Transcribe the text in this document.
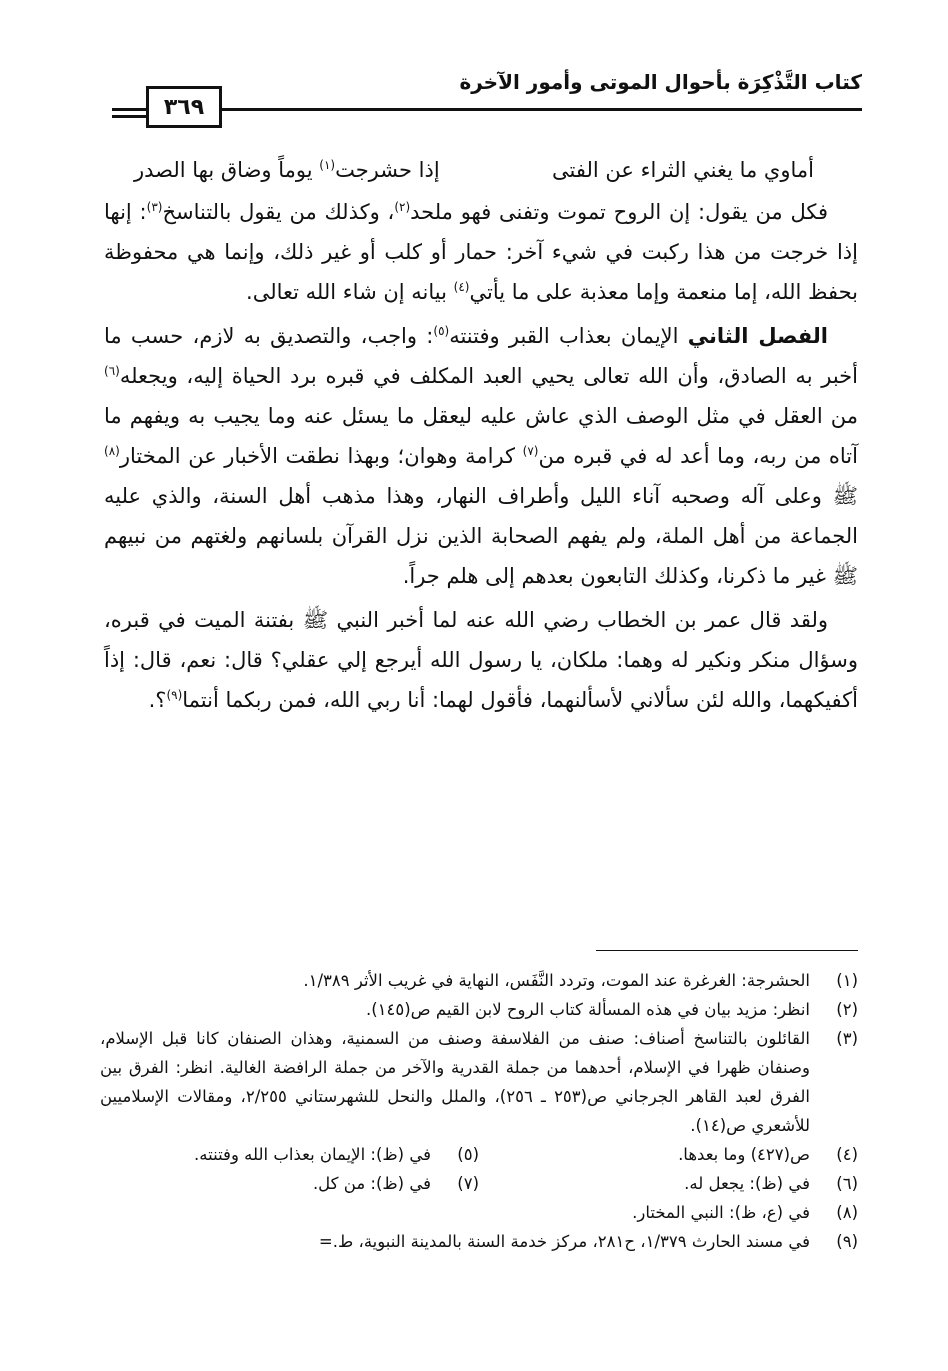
كتاب التَّذْكِرَة بأحوال الموتى وأمور الآخرة
٣٦٩
أماوي ما يغني الثراء عن الفتى
إذا حشرجت$^{(١)}$ يوماً وضاق بها الصدر

فكل من يقول: إن الروح تموت وتفنى فهو ملحد$^{(٢)}$، وكذلك من يقول بالتناسخ$^{(٣)}$: إنها إذا خرجت من هذا ركبت في شيء آخر: حمار أو كلب أو غير ذلك، وإنما هي محفوظة بحفظ الله، إما منعمة وإما معذبة على ما يأتي$^{(٤)}$ بيانه إن شاء الله تعالى.

الفصل الثاني الإيمان بعذاب القبر وفتنته$^{(٥)}$: واجب، والتصديق به لازم، حسب ما أخبر به الصادق، وأن الله تعالى يحيي العبد المكلف في قبره برد الحياة إليه، ويجعله$^{(٦)}$ من العقل في مثل الوصف الذي عاش عليه ليعقل ما يسئل عنه وما يجيب به ويفهم ما آتاه من ربه، وما أعد له في قبره من$^{(٧)}$ كرامة وهوان؛ وبهذا نطقت الأخبار عن المختار$^{(٨)}$ ﷺ وعلى آله وصحبه آناء الليل وأطراف النهار، وهذا مذهب أهل السنة، والذي عليه الجماعة من أهل الملة، ولم يفهم الصحابة الذين نزل القرآن بلسانهم ولغتهم من نبيهم ﷺ غير ما ذكرنا، وكذلك التابعون بعدهم إلى هلم جراً.

ولقد قال عمر بن الخطاب رضي الله عنه لما أخبر النبي ﷺ بفتنة الميت في قبره، وسؤال منكر ونكير له وهما: ملكان، يا رسول الله أيرجع إلي عقلي؟ قال: نعم، قال: إذاً أكفيكهما، والله لئن سألاني لأسألنهما، فأقول لهما: أنا ربي الله، فمن ربكما أنتما$^{(٩)}$؟.

(١)
الحشرجة: الغرغرة عند الموت، وتردد النَّفَس، النهاية في غريب الأثر ١/٣٨٩.
(٢)
انظر: مزيد بيان في هذه المسألة كتاب الروح لابن القيم ص(١٤٥).
(٣)
القائلون بالتناسخ أصناف: صنف من الفلاسفة وصنف من السمنية، وهذان الصنفان كانا قبل الإسلام، وصنفان ظهرا في الإسلام، أحدهما من جملة القدرية والآخر من جملة الرافضة الغالية. انظر: الفرق بين الفرق لعبد القاهر الجرجاني ص(٢٥٣ ـ ٢٥٦)، والملل والنحل للشهرستاني ٢/٢٥٥، ومقالات الإسلاميين للأشعري ص(١٤).
(٤)
ص(٤٢٧) وما بعدها.
(٥)
في (ظ): الإيمان بعذاب الله وفتنته.
(٦)
في (ظ): يجعل له.
(٧)
في (ظ): من كل.
(٨)
في (ع، ظ): النبي المختار.
(٩)
في مسند الحارث ١/٣٧٩، ح٢٨١، مركز خدمة السنة بالمدينة النبوية، ط.=
